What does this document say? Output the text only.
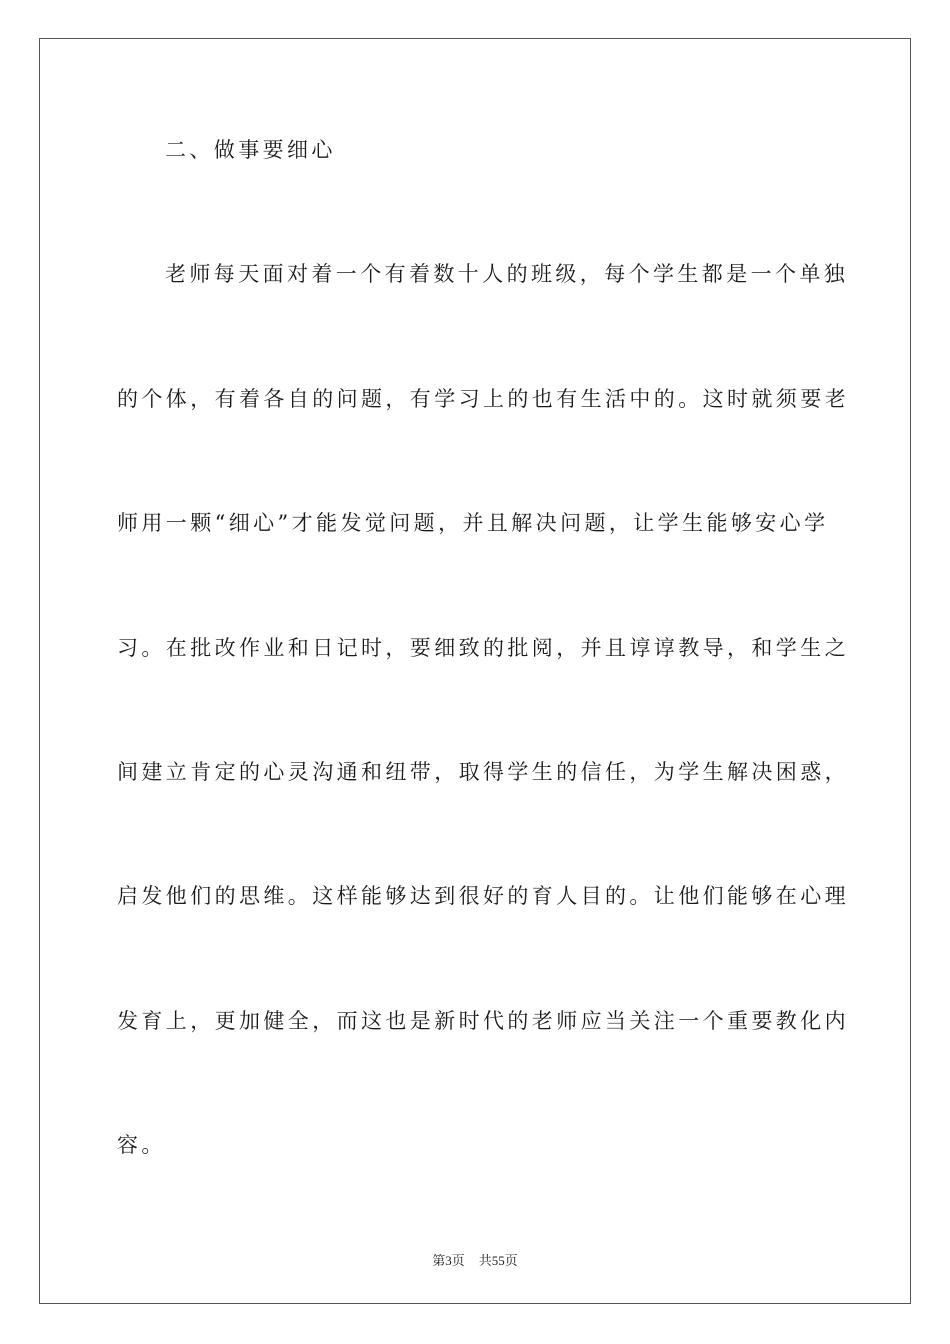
二、做事要细心
老师每天面对着一个有着数十人的班级，每个学生都是一个单独
的个体，有着各自的问题，有学习上的也有生活中的。这时就须要老
师用一颗“细心”才能发觉问题，并且解决问题，让学生能够安心学
习。在批改作业和日记时，要细致的批阅，并且谆谆教导，和学生之
间建立肯定的心灵沟通和纽带，取得学生的信任，为学生解决困惑，
启发他们的思维。这样能够达到很好的育人目的。让他们能够在心理
发育上，更加健全，而这也是新时代的老师应当关注一个重要教化内
容。
第3页 共55页
